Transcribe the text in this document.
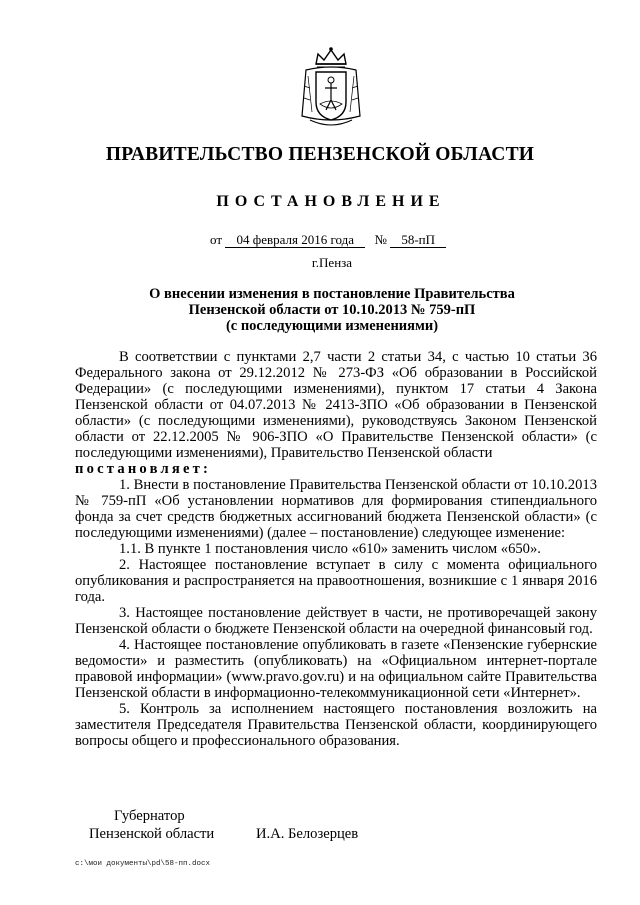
ПРАВИТЕЛЬСТВО ПЕНЗЕНСКОЙ ОБЛАСТИ
ПОСТАНОВЛЕНИЕ
от 04 февраля 2016 года № 58-пП
г.Пенза
О внесении изменения в постановление Правительства
Пензенской области от 10.10.2013 № 759-пП
(с последующими изменениями)

В соответствии с пунктами 2,7 части 2 статьи 34, с частью 10 статьи 36 Федерального закона от 29.12.2012 № 273-ФЗ «Об образовании в Российской Федерации» (с последующими изменениями), пунктом 17 статьи 4 Закона Пензенской области от 04.07.2013 № 2413-ЗПО «Об образовании в Пензенской области» (с последующими изменениями), руководствуясь Законом Пензенской области от 22.12.2005 № 906-ЗПО «О Правительстве Пензенской области» (с последующими изменениями), Правительство Пензенской области

постановляет:

1. Внести в постановление Правительства Пензенской области от 10.10.2013 № 759-пП «Об установлении нормативов для формирования стипендиального фонда за счет средств бюджетных ассигнований бюджета Пензенской области» (с последующими изменениями) (далее – постановление) следующее изменение:

1.1. В пункте 1 постановления число «610» заменить числом «650».

2. Настоящее постановление вступает в силу с момента официального опубликования и распространяется на правоотношения, возникшие с 1 января 2016 года.

3. Настоящее постановление действует в части, не противоречащей закону Пензенской области о бюджете Пензенской области на очередной финансовый год.

4. Настоящее постановление опубликовать в газете «Пензенские губернские ведомости» и разместить (опубликовать) на «Официальном интернет-портале правовой информации» (www.pravo.gov.ru) и на официальном сайте Правительства Пензенской области в информационно-телекоммуникационной сети «Интернет».

5. Контроль за исполнением настоящего постановления возложить на заместителя Председателя Правительства Пензенской области, координирующего вопросы общего и профессионального образования.

Губернатор
Пензенской области	И.А. Белозерцев
c:\мои документы\pd\58-пп.docx
